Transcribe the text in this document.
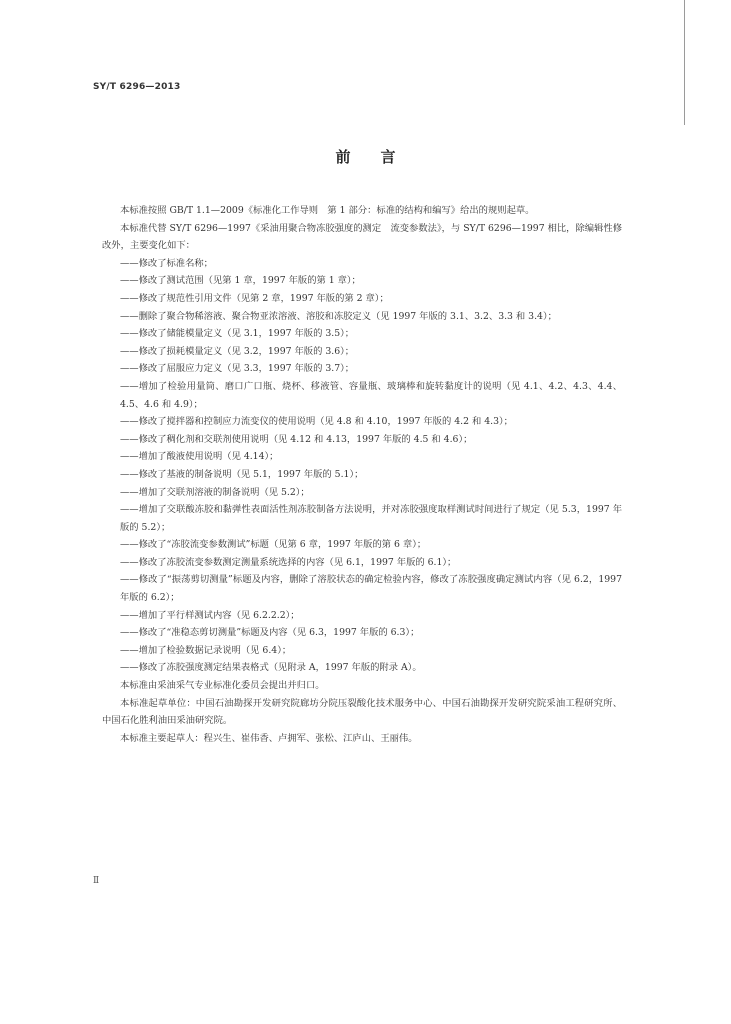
SY/T 6296—2013
前言

本标准按照 GB/T 1.1—2009《标准化工作导则　第 1 部分：标准的结构和编写》给出的规则起草。

本标准代替 SY/T 6296—1997《采油用聚合物冻胶强度的测定　流变参数法》，与 SY/T 6296—1997 相比，除编辑性修改外，主要变化如下：

——修改了标准名称；
——修改了测试范围（见第 1 章，1997 年版的第 1 章）；
——修改了规范性引用文件（见第 2 章，1997 年版的第 2 章）；
——删除了聚合物稀溶液、聚合物亚浓溶液、溶胶和冻胶定义（见 1997 年版的 3.1、3.2、3.3 和 3.4）；
——修改了储能模量定义（见 3.1，1997 年版的 3.5）；
——修改了损耗模量定义（见 3.2，1997 年版的 3.6）；
——修改了屈服应力定义（见 3.3，1997 年版的 3.7）；
——增加了检验用量筒、磨口广口瓶、烧杯、移液管、容量瓶、玻璃棒和旋转黏度计的说明（见 4.1、4.2、4.3、4.4、4.5、4.6 和 4.9）；
——修改了搅拌器和控制应力流变仪的使用说明（见 4.8 和 4.10，1997 年版的 4.2 和 4.3）；
——修改了稠化剂和交联剂使用说明（见 4.12 和 4.13，1997 年版的 4.5 和 4.6）；
——增加了酸液使用说明（见 4.14）；
——修改了基液的制备说明（见 5.1，1997 年版的 5.1）；
——增加了交联剂溶液的制备说明（见 5.2）；
——增加了交联酸冻胶和黏弹性表面活性剂冻胶制备方法说明，并对冻胶强度取样测试时间进行了规定（见 5.3，1997 年版的 5.2）；
——修改了“冻胶流变参数测试”标题（见第 6 章，1997 年版的第 6 章）；
——修改了冻胶流变参数测定测量系统选择的内容（见 6.1，1997 年版的 6.1）；
——修改了“振荡剪切测量”标题及内容，删除了溶胶状态的确定检验内容，修改了冻胶强度确定测试内容（见 6.2，1997 年版的 6.2）；
——增加了平行样测试内容（见 6.2.2.2）；
——修改了“准稳态剪切测量”标题及内容（见 6.3，1997 年版的 6.3）；
——增加了检验数据记录说明（见 6.4）；
——修改了冻胶强度测定结果表格式（见附录 A，1997 年版的附录 A）。

本标准由采油采气专业标准化委员会提出并归口。

本标准起草单位：中国石油勘探开发研究院廊坊分院压裂酸化技术服务中心、中国石油勘探开发研究院采油工程研究所、中国石化胜利油田采油研究院。

本标准主要起草人：程兴生、崔伟香、卢拥军、张松、江庐山、王丽伟。

Ⅱ
